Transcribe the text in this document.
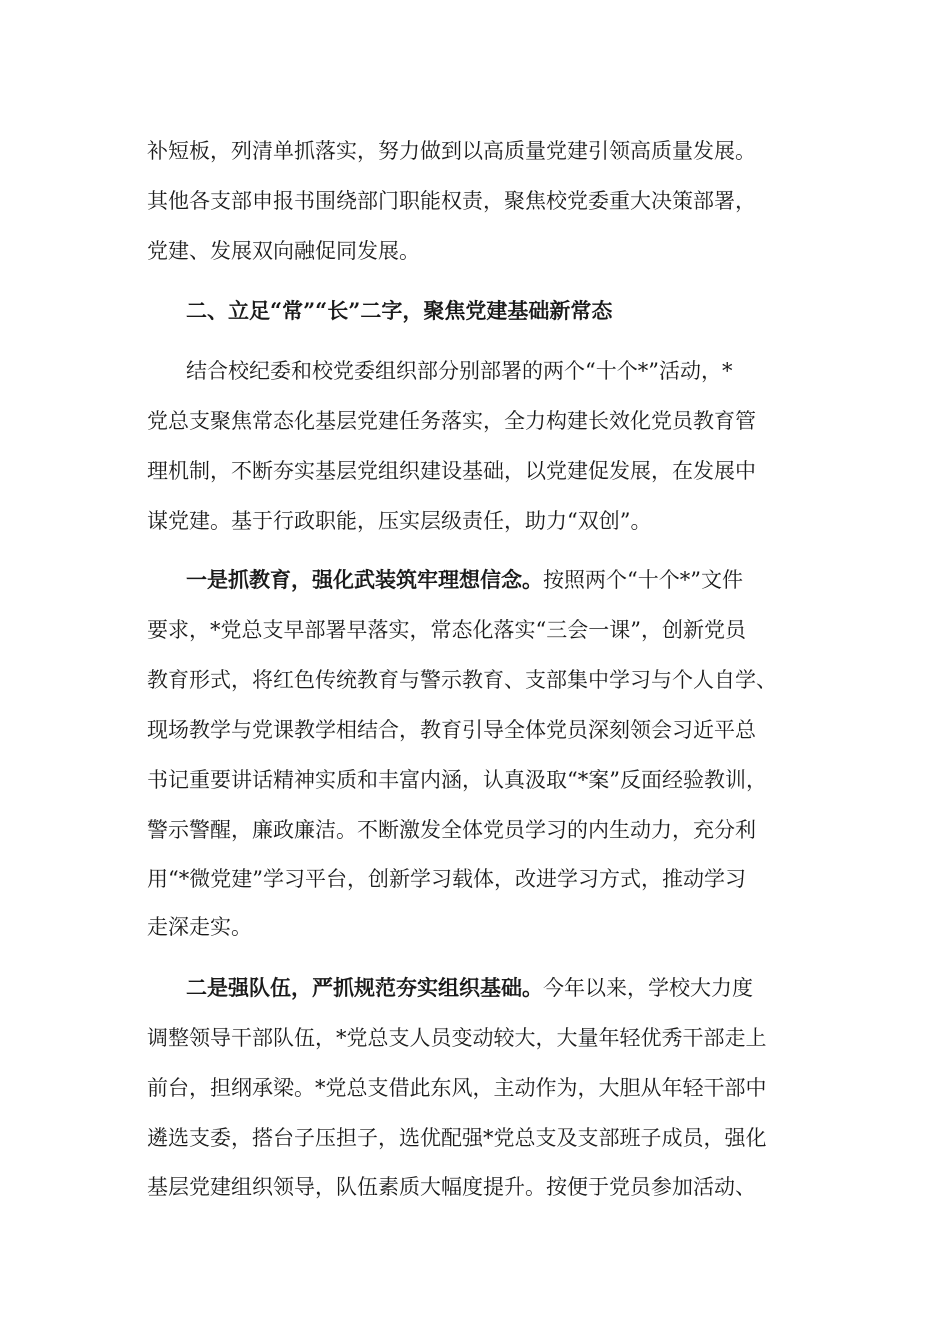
补短板，列清单抓落实，努力做到以高质量党建引领高质量发展。
其他各支部申报书围绕部门职能权责，聚焦校党委重大决策部署，
党建、发展双向融促同发展。
二、立足“常”“长”二字，聚焦党建基础新常态
结合校纪委和校党委组织部分别部署的两个“十个*”活动，*
党总支聚焦常态化基层党建任务落实，全力构建长效化党员教育管
理机制，不断夯实基层党组织建设基础，以党建促发展，在发展中
谋党建。基于行政职能，压实层级责任，助力“双创”。
一是抓教育，强化武装筑牢理想信念。按照两个“十个*”文件
要求，*党总支早部署早落实，常态化落实“三会一课”，创新党员
教育形式，将红色传统教育与警示教育、支部集中学习与个人自学、
现场教学与党课教学相结合，教育引导全体党员深刻领会习近平总
书记重要讲话精神实质和丰富内涵，认真汲取“*案”反面经验教训，
警示警醒，廉政廉洁。不断激发全体党员学习的内生动力，充分利
用“*微党建”学习平台，创新学习载体，改进学习方式，推动学习
走深走实。
二是强队伍，严抓规范夯实组织基础。今年以来，学校大力度
调整领导干部队伍，*党总支人员变动较大，大量年轻优秀干部走上
前台，担纲承梁。*党总支借此东风，主动作为，大胆从年轻干部中
遴选支委，搭台子压担子，选优配强*党总支及支部班子成员，强化
基层党建组织领导，队伍素质大幅度提升。按便于党员参加活动、
